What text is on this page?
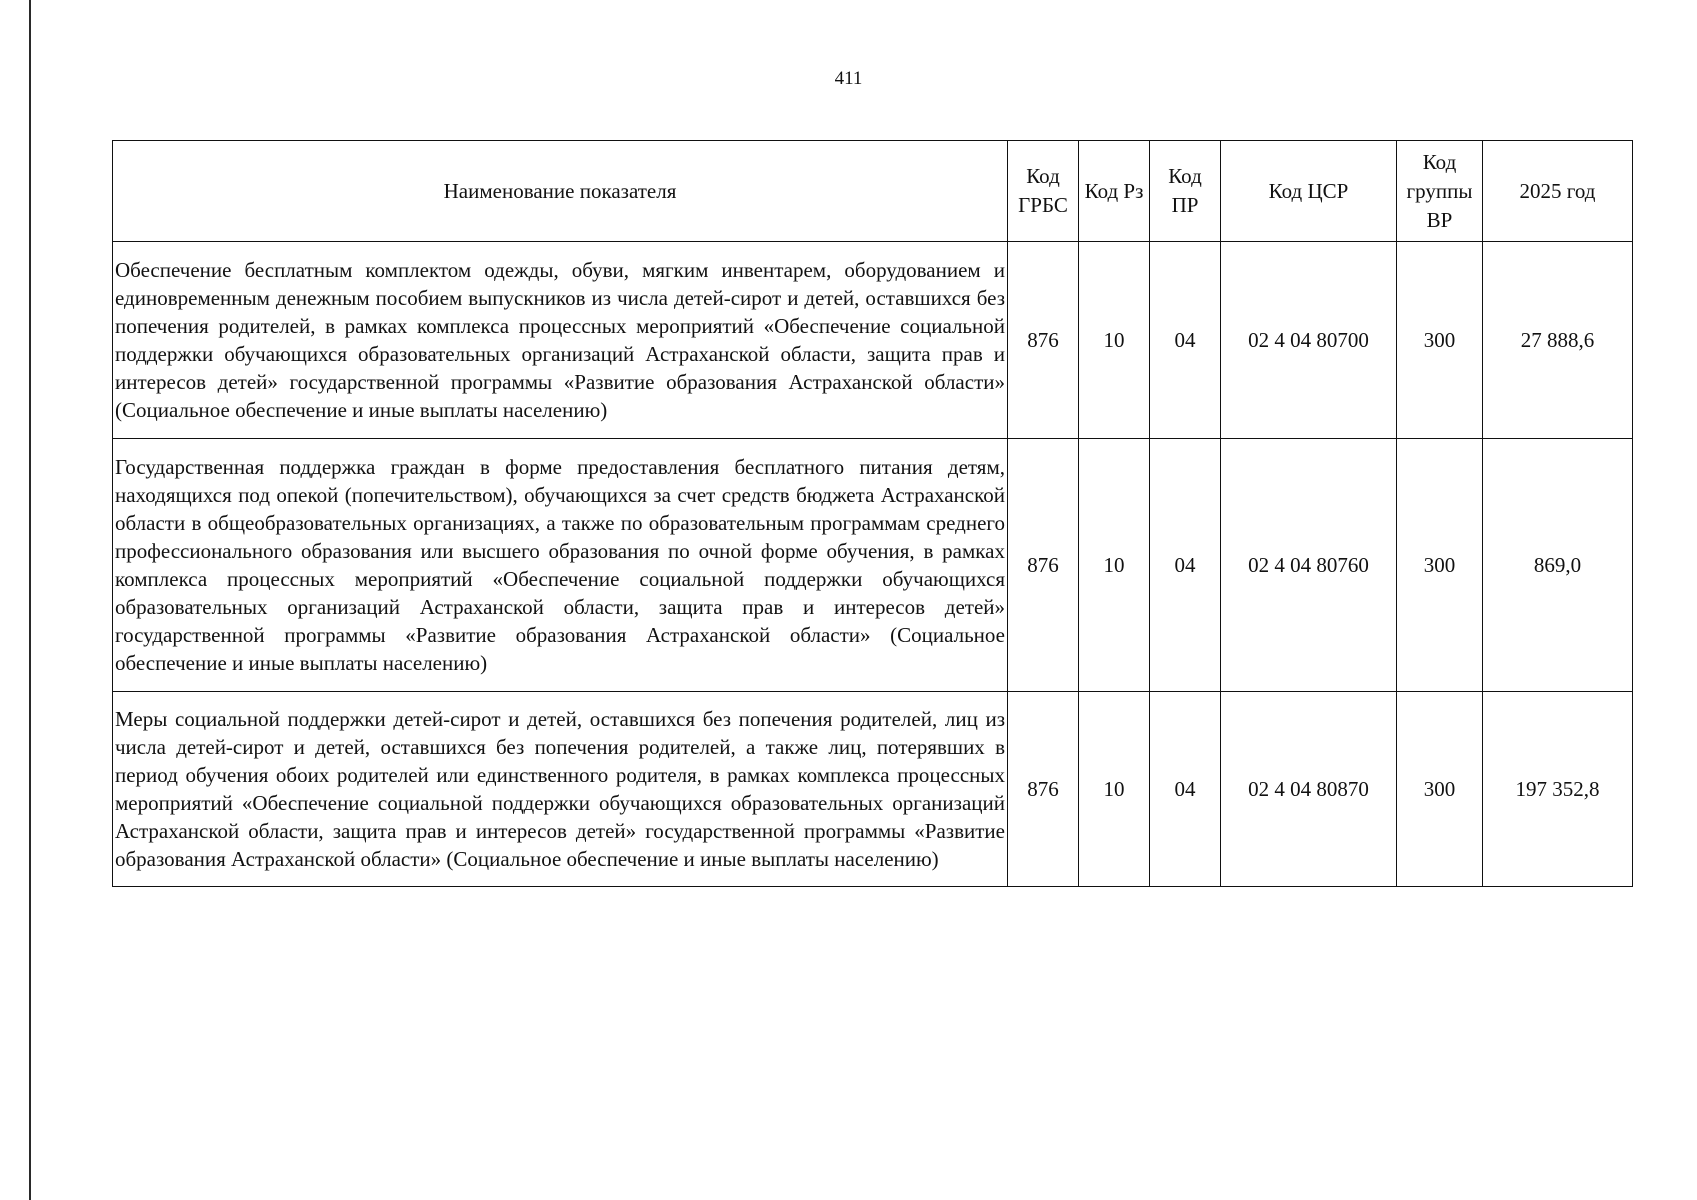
411
Наименование показателя	Код ГРБС	Код Рз	Код ПР	Код ЦСР	Код группы ВР	2025 год
Обеспечение бесплатным комплектом одежды, обуви, мягким инвентарем, оборудованием и единовременным денежным пособием выпускников из числа детей-сирот и детей, оставшихся без попечения родителей, в рамках комплекса процессных мероприятий «Обеспечение социальной поддержки обучающихся образовательных организаций Астраханской области, защита прав и интересов детей» государственной программы «Развитие образования Астраханской области» (Социальное обеспечение и иные выплаты населению)	876	10	04	02 4 04 80700	300	27 888,6
Государственная поддержка граждан в форме предоставления бесплатного питания детям, находящихся под опекой (попечительством), обучающихся за счет средств бюджета Астраханской области в общеобразовательных организациях, а также по образовательным программам среднего профессионального образования или высшего образования по очной форме обучения, в рамках комплекса процессных мероприятий «Обеспечение социальной поддержки обучающихся образовательных организаций Астраханской области, защита прав и интересов детей» государственной программы «Развитие образования Астраханской области» (Социальное обеспечение и иные выплаты населению)	876	10	04	02 4 04 80760	300	869,0
Меры социальной поддержки детей-сирот и детей, оставшихся без попечения родителей, лиц из числа детей-сирот и детей, оставшихся без попечения родителей, а также лиц, потерявших в период обучения обоих родителей или единственного родителя, в рамках комплекса процессных мероприятий «Обеспечение социальной поддержки обучающихся образовательных организаций Астраханской области, защита прав и интересов детей» государственной программы «Развитие образования Астраханской области» (Социальное обеспечение и иные выплаты населению)	876	10	04	02 4 04 80870	300	197 352,8
